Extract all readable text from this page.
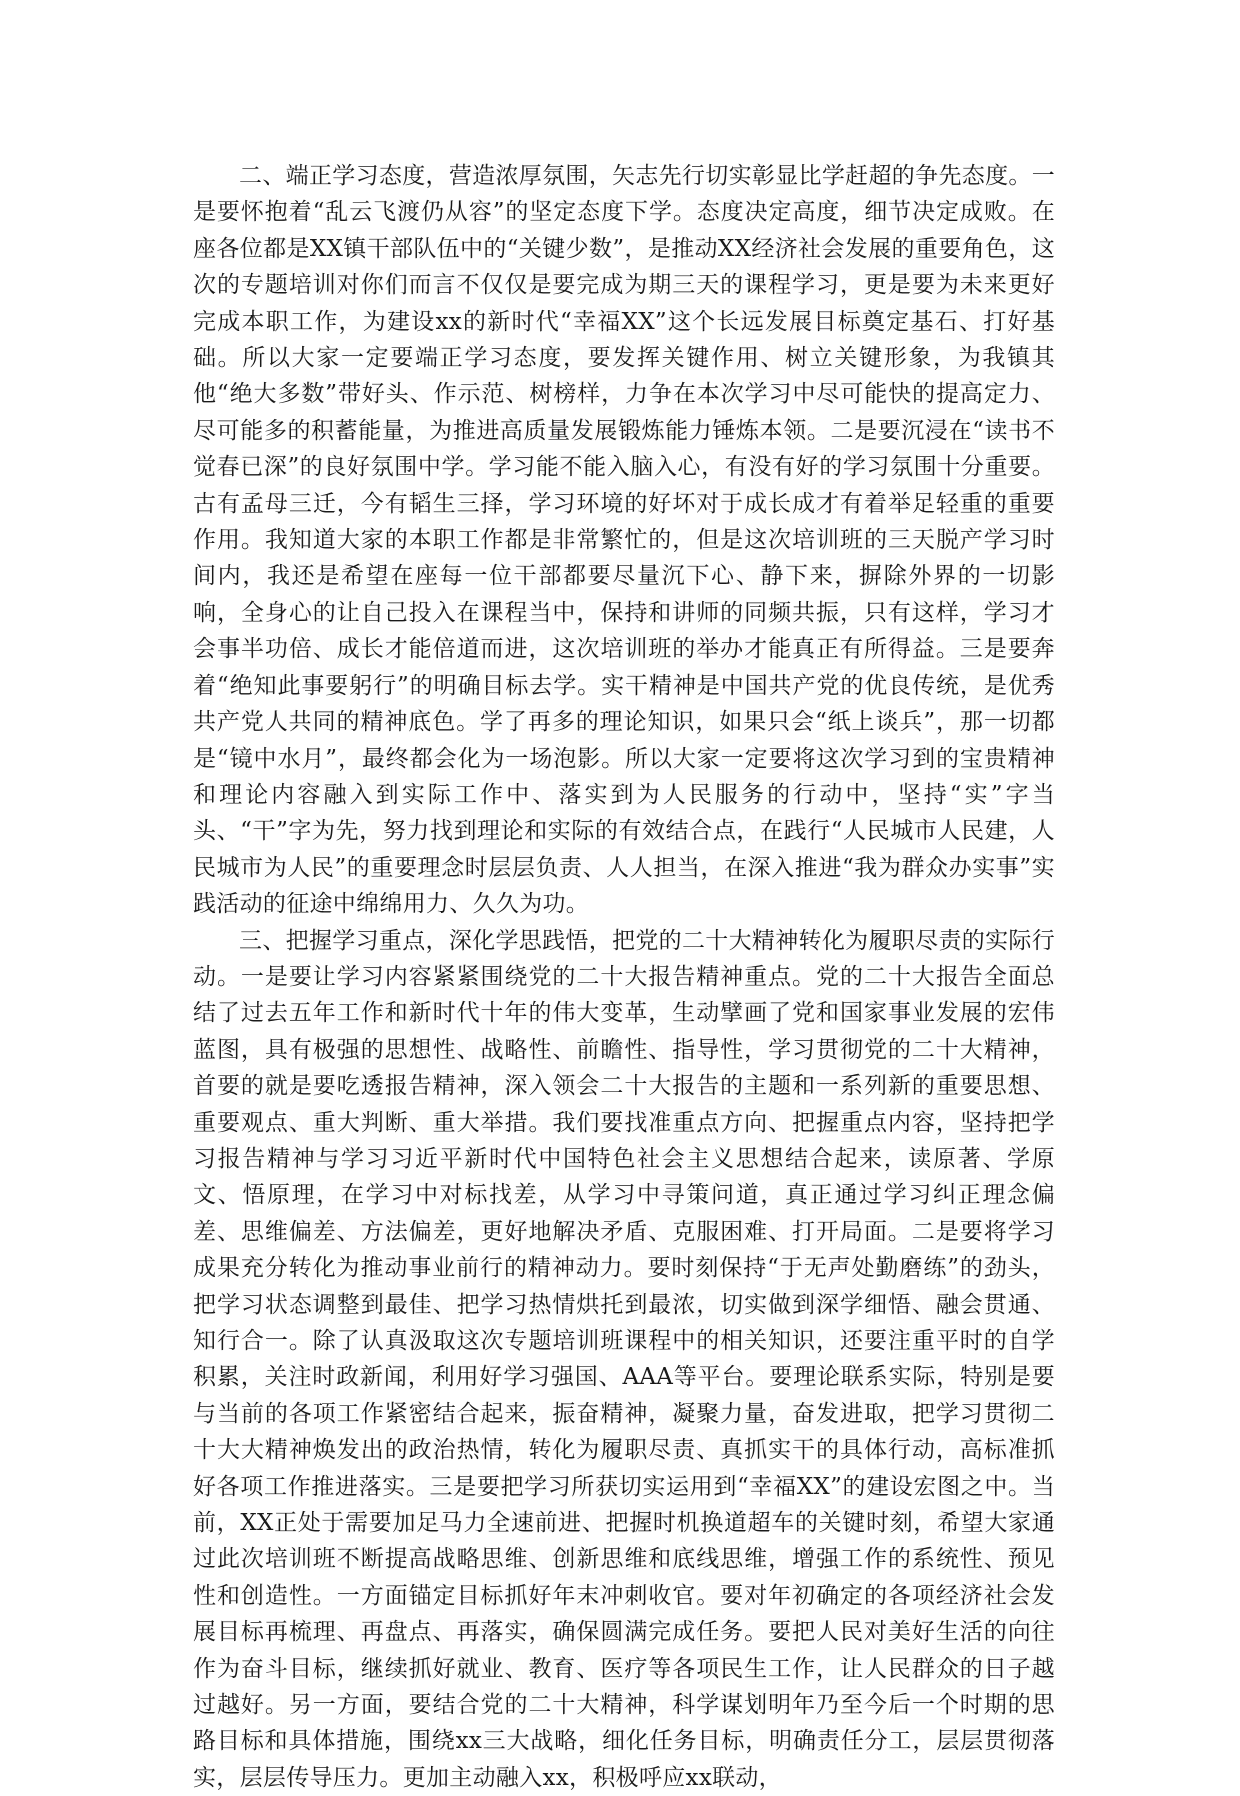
二、端正学习态度，营造浓厚氛围，矢志先行切实彰显比学赶超的争先态度。一是要怀抱着“乱云飞渡仍从容”的坚定态度下学。态度决定高度，细节决定成败。在座各位都是XX镇干部队伍中的“关键少数”，是推动XX经济社会发展的重要角色，这次的专题培训对你们而言不仅仅是要完成为期三天的课程学习，更是要为未来更好完成本职工作，为建设xx的新时代“幸福XX”这个长远发展目标奠定基石、打好基础。所以大家一定要端正学习态度，要发挥关键作用、树立关键形象，为我镇其他“绝大多数”带好头、作示范、树榜样，力争在本次学习中尽可能快的提高定力、尽可能多的积蓄能量，为推进高质量发展锻炼能力锤炼本领。二是要沉浸在“读书不觉春已深”的良好氛围中学。学习能不能入脑入心，有没有好的学习氛围十分重要。古有孟母三迁，今有韬生三择，学习环境的好坏对于成长成才有着举足轻重的重要作用。我知道大家的本职工作都是非常繁忙的，但是这次培训班的三天脱产学习时间内，我还是希望在座每一位干部都要尽量沉下心、静下来，摒除外界的一切影响，全身心的让自己投入在课程当中，保持和讲师的同频共振，只有这样，学习才会事半功倍、成长才能倍道而进，这次培训班的举办才能真正有所得益。三是要奔着“绝知此事要躬行”的明确目标去学。实干精神是中国共产党的优良传统，是优秀共产党人共同的精神底色。学了再多的理论知识，如果只会“纸上谈兵”，那一切都是“镜中水月”，最终都会化为一场泡影。所以大家一定要将这次学习到的宝贵精神和理论内容融入到实际工作中、落实到为人民服务的行动中，坚持“实”字当头、“干”字为先，努力找到理论和实际的有效结合点，在践行“人民城市人民建，人民城市为人民”的重要理念时层层负责、人人担当，在深入推进“我为群众办实事”实践活动的征途中绵绵用力、久久为功。

三、把握学习重点，深化学思践悟，把党的二十大精神转化为履职尽责的实际行动。一是要让学习内容紧紧围绕党的二十大报告精神重点。党的二十大报告全面总结了过去五年工作和新时代十年的伟大变革，生动擘画了党和国家事业发展的宏伟蓝图，具有极强的思想性、战略性、前瞻性、指导性，学习贯彻党的二十大精神，首要的就是要吃透报告精神，深入领会二十大报告的主题和一系列新的重要思想、重要观点、重大判断、重大举措。我们要找准重点方向、把握重点内容，坚持把学习报告精神与学习习近平新时代中国特色社会主义思想结合起来，读原著、学原文、悟原理，在学习中对标找差，从学习中寻策问道，真正通过学习纠正理念偏差、思维偏差、方法偏差，更好地解决矛盾、克服困难、打开局面。二是要将学习成果充分转化为推动事业前行的精神动力。要时刻保持“于无声处勤磨练”的劲头，把学习状态调整到最佳、把学习热情烘托到最浓，切实做到深学细悟、融会贯通、知行合一。除了认真汲取这次专题培训班课程中的相关知识，还要注重平时的自学积累，关注时政新闻，利用好学习强国、AAA等平台。要理论联系实际，特别是要与当前的各项工作紧密结合起来，振奋精神，凝聚力量，奋发进取，把学习贯彻二十大大精神焕发出的政治热情，转化为履职尽责、真抓实干的具体行动，高标准抓好各项工作推进落实。三是要把学习所获切实运用到“幸福XX”的建设宏图之中。当前，XX正处于需要加足马力全速前进、把握时机换道超车的关键时刻，希望大家通过此次培训班不断提高战略思维、创新思维和底线思维，增强工作的系统性、预见性和创造性。一方面锚定目标抓好年末冲刺收官。要对年初确定的各项经济社会发展目标再梳理、再盘点、再落实，确保圆满完成任务。要把人民对美好生活的向往作为奋斗目标，继续抓好就业、教育、医疗等各项民生工作，让人民群众的日子越过越好。另一方面，要结合党的二十大精神，科学谋划明年乃至今后一个时期的思路目标和具体措施，围绕xx三大战略，细化任务目标，明确责任分工，层层贯彻落实，层层传导压力。更加主动融入xx，积极呼应xx联动，
